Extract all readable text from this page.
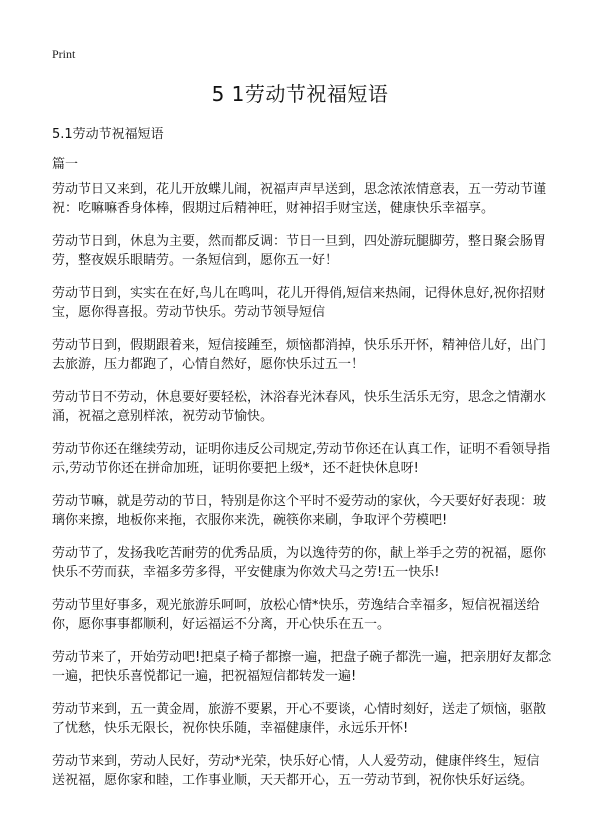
Print
5 1劳动节祝福短语

5.1劳动节祝福短语

篇一

劳动节日又来到，花儿开放蝶儿闹，祝福声声早送到，思念浓浓情意表，五一劳动节谨祝：吃嘛嘛香身体棒，假期过后精神旺，财神招手财宝送，健康快乐幸福享。

劳动节日到，休息为主要，然而都反调：节日一旦到，四处游玩腿脚劳，整日聚会肠胃劳，整夜娱乐眼睛劳。一条短信到，愿你五一好！

劳动节日到，实实在在好,鸟儿在鸣叫，花儿开得俏,短信来热闹，记得休息好,祝你招财宝，愿你得喜报。劳动节快乐。劳动节领导短信

劳动节日到，假期跟着来，短信接踵至，烦恼都消掉，快乐乐开怀，精神倍儿好，出门去旅游，压力都跑了，心情自然好，愿你快乐过五一！

劳动节日不劳动，休息要好要轻松，沐浴春光沐春风，快乐生活乐无穷，思念之情潮水涌，祝福之意别样浓，祝劳动节愉快。

劳动节你还在继续劳动，证明你违反公司规定,劳动节你还在认真工作，证明不看领导指示,劳动节你还在拼命加班，证明你要把上级*，还不赶快休息呀!

劳动节嘛，就是劳动的节日，特别是你这个平时不爱劳动的家伙，今天要好好表现：玻璃你来擦，地板你来拖，衣服你来洗，碗筷你来刷，争取评个劳模吧!

劳动节了，发扬我吃苦耐劳的优秀品质，为以逸待劳的你，献上举手之劳的祝福，愿你快乐不劳而获，幸福多劳多得，平安健康为你效犬马之劳!五一快乐!

劳动节里好事多，观光旅游乐呵呵，放松心情*快乐，劳逸结合幸福多，短信祝福送给你，愿你事事都顺利，好运福运不分离，开心快乐在五一。

劳动节来了，开始劳动吧!把桌子椅子都擦一遍，把盘子碗子都洗一遍，把亲朋好友都念一遍，把快乐喜悦都记一遍，把祝福短信都转发一遍!

劳动节来到，五一黄金周，旅游不要累，开心不要谈，心情时刻好，送走了烦恼，驱散了忧愁，快乐无限长，祝你快乐随，幸福健康伴，永远乐开怀!

劳动节来到，劳动人民好，劳动*光荣，快乐好心情，人人爱劳动，健康伴终生，短信送祝福，愿你家和睦，工作事业顺，天天都开心，五一劳动节到，祝你快乐好运绕。
